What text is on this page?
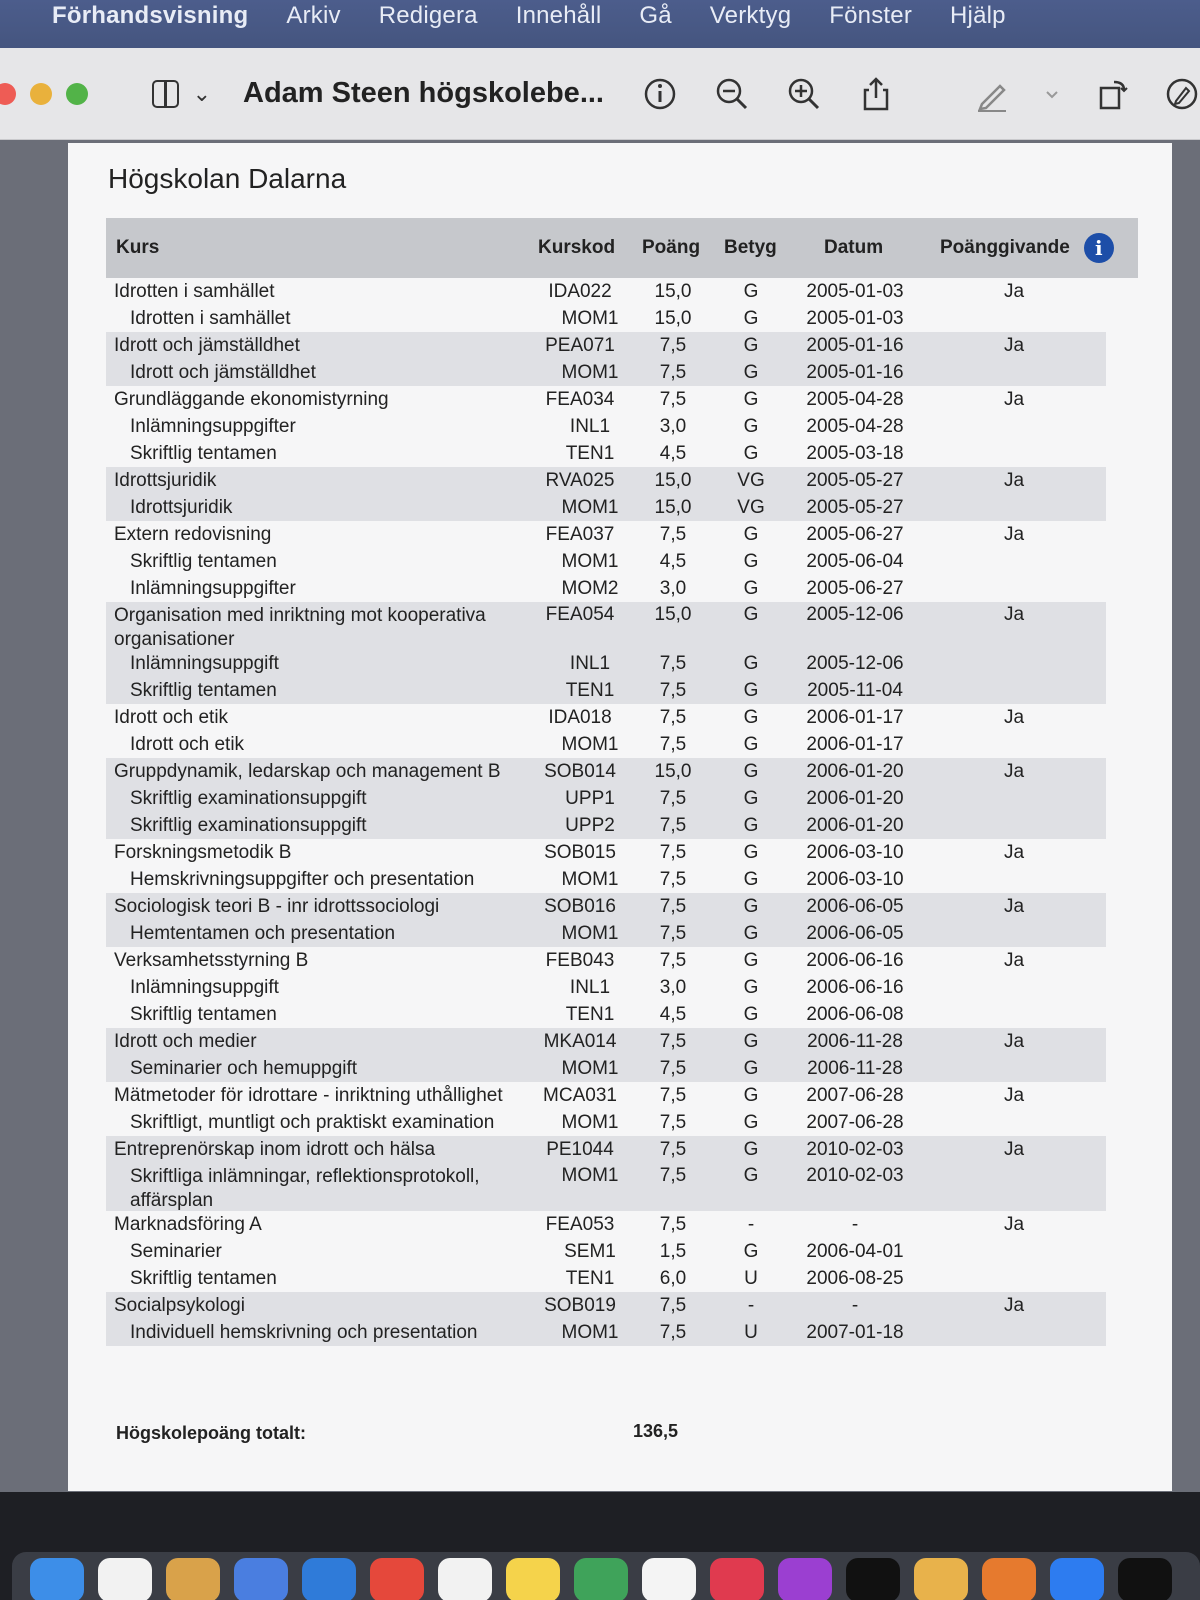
Förhandsvisning Arkiv Redigera Innehåll Gå Verktyg Fönster Hjälp
⌄ Adam Steen högskolebe...
Högskolan Dalarna
Kurs	Kurskod	Poäng	Betyg	Datum	Poänggivande	i
Idrotten i samhället	IDA022	15,0	G	2005-01-03	Ja
Idrotten i samhället	MOM1	15,0	G	2005-01-03
Idrott och jämställdhet	PEA071	7,5	G	2005-01-16	Ja
Idrott och jämställdhet	MOM1	7,5	G	2005-01-16
Grundläggande ekonomistyrning	FEA034	7,5	G	2005-04-28	Ja
Inlämningsuppgifter	INL1	3,0	G	2005-04-28
Skriftlig tentamen	TEN1	4,5	G	2005-03-18
Idrottsjuridik	RVA025	15,0	VG	2005-05-27	Ja
Idrottsjuridik	MOM1	15,0	VG	2005-05-27
Extern redovisning	FEA037	7,5	G	2005-06-27	Ja
Skriftlig tentamen	MOM1	4,5	G	2005-06-04
Inlämningsuppgifter	MOM2	3,0	G	2005-06-27
Organisation med inriktning mot kooperativa organisationer
FEA054	15,0	G	2005-12-06	Ja
Inlämningsuppgift	INL1	7,5	G	2005-12-06
Skriftlig tentamen	TEN1	7,5	G	2005-11-04
Idrott och etik	IDA018	7,5	G	2006-01-17	Ja
Idrott och etik	MOM1	7,5	G	2006-01-17
Gruppdynamik, ledarskap och management B	SOB014	15,0	G	2006-01-20	Ja
Skriftlig examinationsuppgift	UPP1	7,5	G	2006-01-20
Skriftlig examinationsuppgift	UPP2	7,5	G	2006-01-20
Forskningsmetodik B	SOB015	7,5	G	2006-03-10	Ja
Hemskrivningsuppgifter och presentation	MOM1	7,5	G	2006-03-10
Sociologisk teori B - inr idrottssociologi	SOB016	7,5	G	2006-06-05	Ja
Hemtentamen och presentation	MOM1	7,5	G	2006-06-05
Verksamhetsstyrning B	FEB043	7,5	G	2006-06-16	Ja
Inlämningsuppgift	INL1	3,0	G	2006-06-16
Skriftlig tentamen	TEN1	4,5	G	2006-06-08
Idrott och medier	MKA014	7,5	G	2006-11-28	Ja
Seminarier och hemuppgift	MOM1	7,5	G	2006-11-28
Mätmetoder för idrottare - inriktning uthållighet	MCA031	7,5	G	2007-06-28	Ja
Skriftligt, muntligt och praktiskt examination	MOM1	7,5	G	2007-06-28
Entreprenörskap inom idrott och hälsa	PE1044	7,5	G	2010-02-03	Ja
Skriftliga inlämningar, reflektionsprotokoll, affärsplan
MOM1	7,5	G	2010-02-03
Marknadsföring A	FEA053	7,5	-	-	Ja
Seminarier	SEM1	1,5	G	2006-04-01
Skriftlig tentamen	TEN1	6,0	U	2006-08-25
Socialpsykologi	SOB019	7,5	-	-	Ja
Individuell hemskrivning och presentation	MOM1	7,5	U	2007-01-18
Högskolepoäng totalt:	136,5
